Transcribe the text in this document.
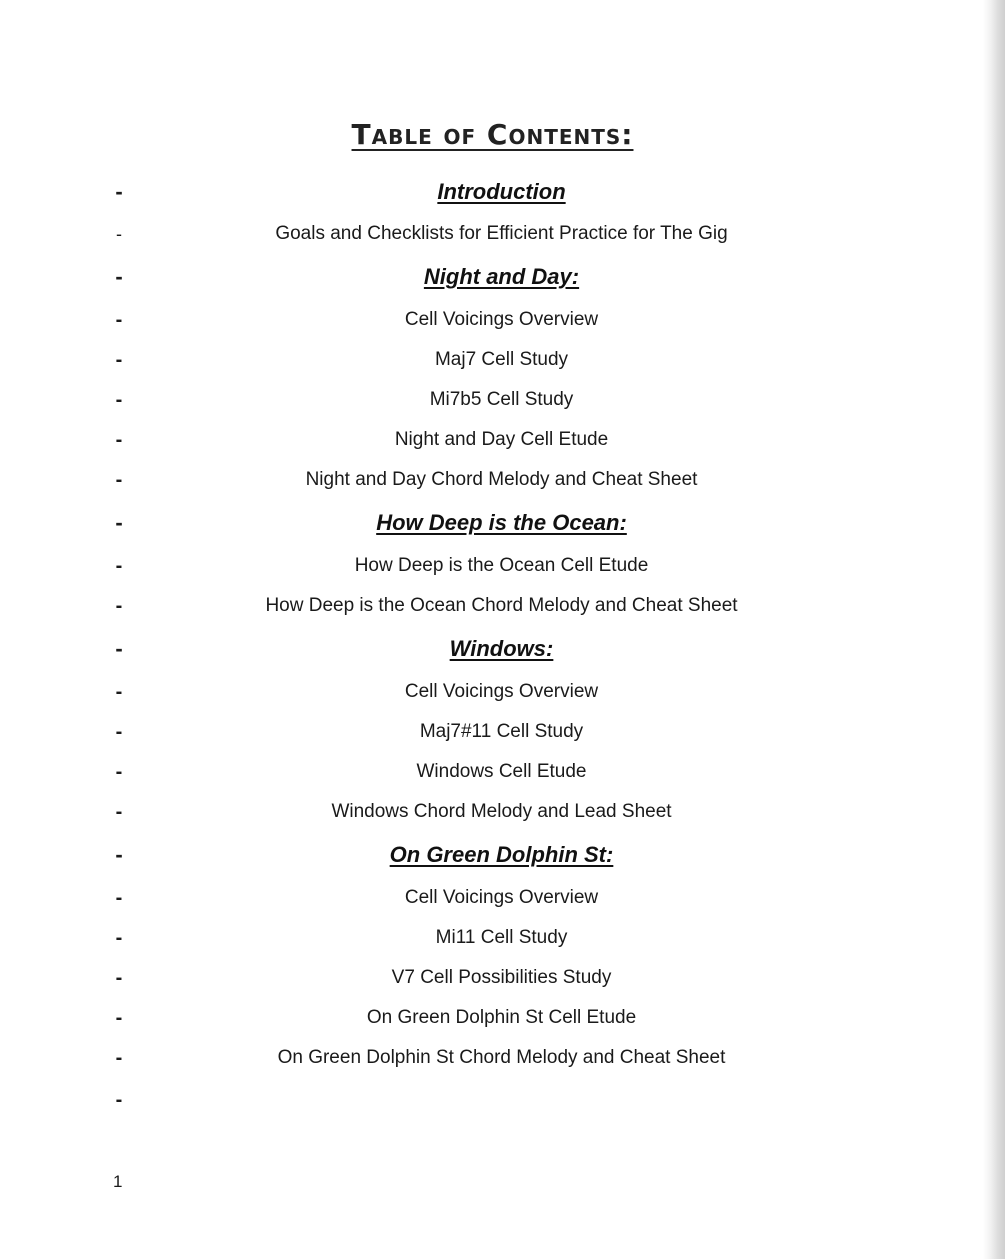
Table of Contents:
-	Introduction
-	Goals and Checklists for Efficient Practice for The Gig
-	Night and Day:
-	Cell Voicings Overview
-	Maj7 Cell Study
-	Mi7b5 Cell Study
-	Night and Day Cell Etude
-	Night and Day Chord Melody and Cheat Sheet
-	How Deep is the Ocean:
-	How Deep is the Ocean Cell Etude
-	How Deep is the Ocean Chord Melody and Cheat Sheet
-	Windows:
-	Cell Voicings Overview
-	Maj7#11 Cell Study
-	Windows Cell Etude
-	Windows Chord Melody and Lead Sheet
-	On Green Dolphin St:
-	Cell Voicings Overview
-	Mi11 Cell Study
-	V7 Cell Possibilities Study
-	On Green Dolphin St Cell Etude
-	On Green Dolphin St Chord Melody and Cheat Sheet
-
1
